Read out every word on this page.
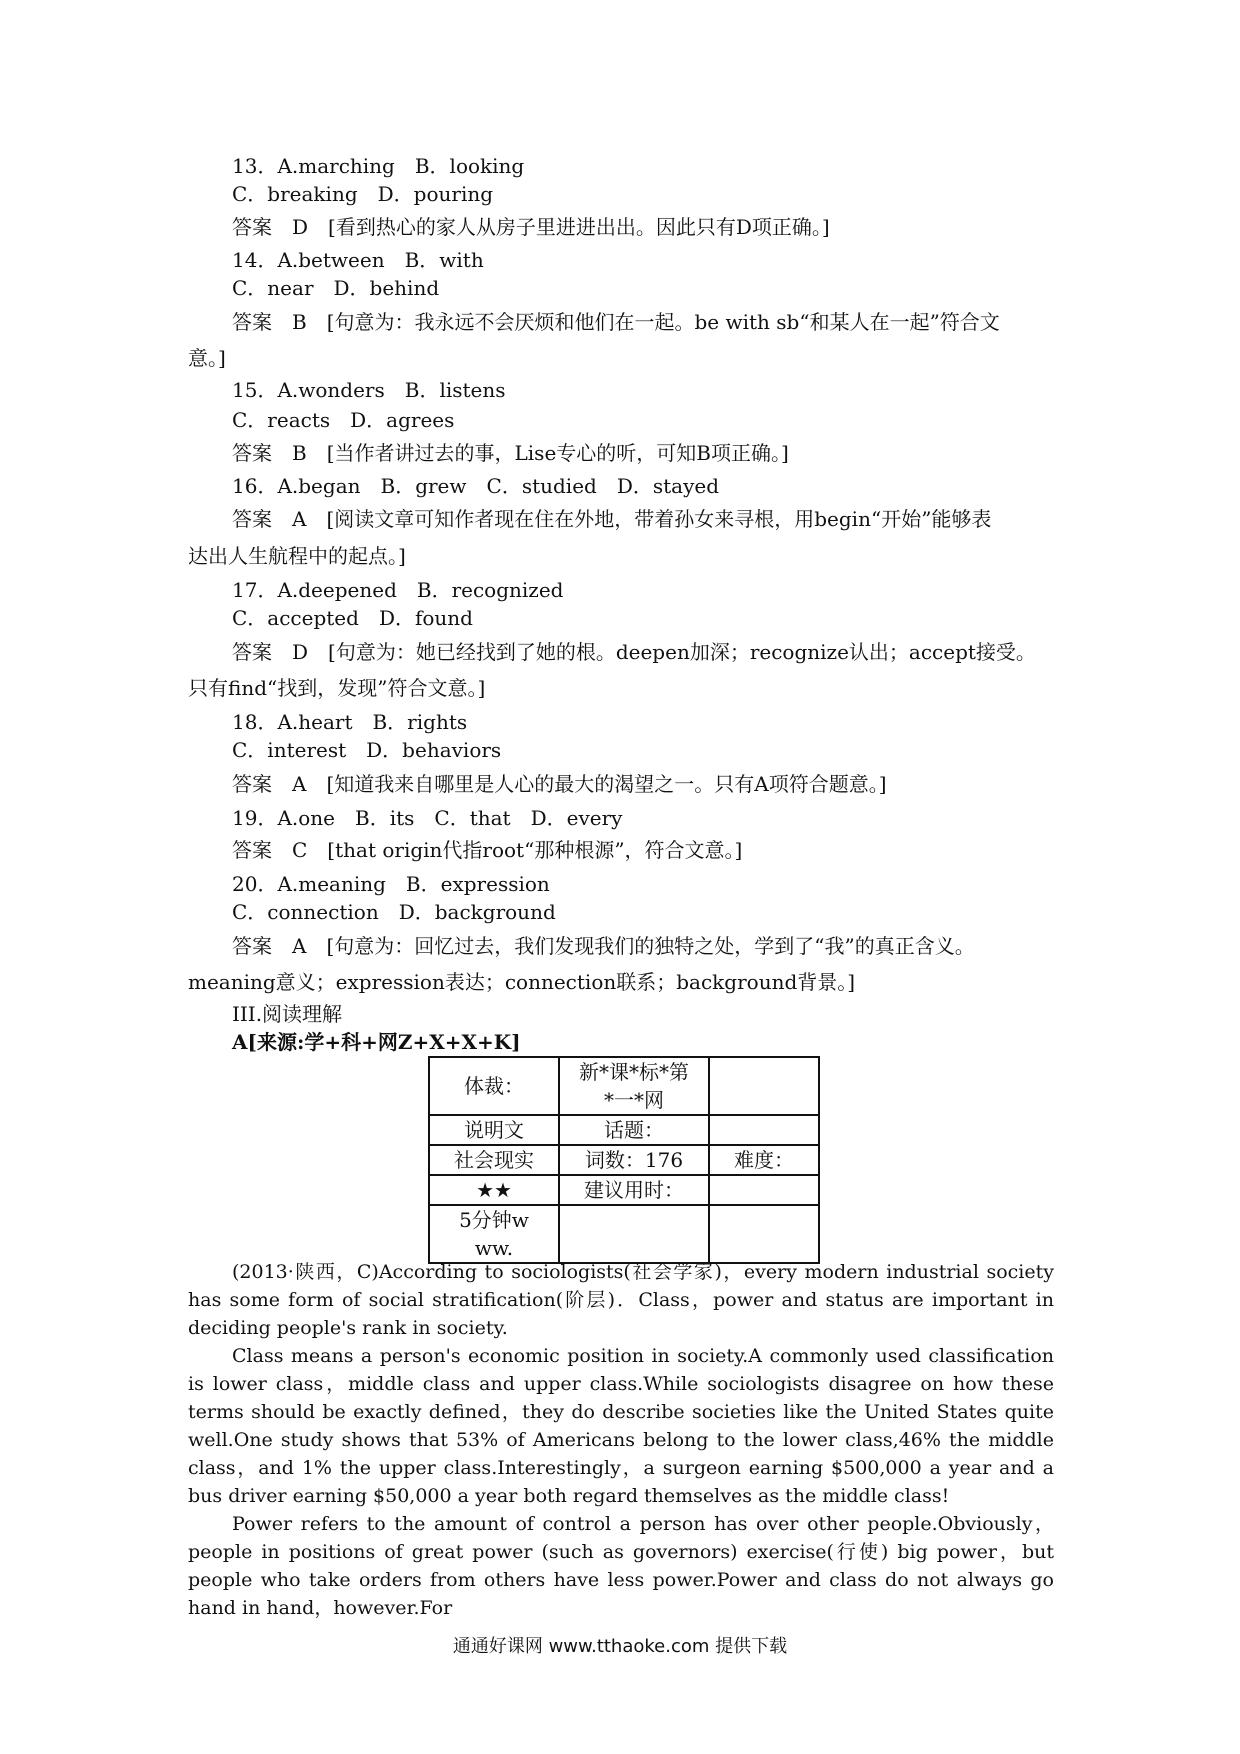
13．A.marching　B．looking
C．breaking　D．pouring
答案　D　[看到热心的家人从房子里进进出出。因此只有D项正确。]
14．A.between　B．with
C．near　D．behind
答案　B　[句意为：我永远不会厌烦和他们在一起。be with sb“和某人在一起”符合文
意。]
15．A.wonders　B．listens
C．reacts　D．agrees
答案　B　[当作者讲过去的事，Lise专心的听，可知B项正确。]
16．A.began　B．grew　C．studied　D．stayed
答案　A　[阅读文章可知作者现在住在外地，带着孙女来寻根，用begin“开始”能够表
达出人生航程中的起点。]
17．A.deepened　B．recognized
C．accepted　D．found
答案　D　[句意为：她已经找到了她的根。deepen加深；recognize认出；accept接受。
只有find“找到，发现”符合文意。]
18．A.heart　B．rights
C．interest　D．behaviors
答案　A　[知道我来自哪里是人心的最大的渴望之一。只有A项符合题意。]
19．A.one　B．its　C．that　D．every
答案　C　[that origin代指root“那种根源”，符合文意。]
20．A.meaning　B．expression
C．connection　D．background
答案　A　[句意为：回忆过去，我们发现我们的独特之处，学到了“我”的真正含义。
meaning意义；expression表达；connection联系；background背景。]
III.阅读理解
A[来源:学+科+网Z+X+X+K]
体裁：	新*课*标*第
*一*网	
说明文	话题：	
社会现实	词数：176	难度：
★★	建议用时：	
5分钟w
ww.		
(2013·陕西，C)According to sociologists(社会学家)，every modern industrial society has some form of social stratification(阶层)．Class，power and status are important in deciding people's rank in society.
Class means a person's economic position in society.A commonly used classification is lower class，middle class and upper class.While sociologists disagree on how these terms should be exactly defined，they do describe societies like the United States quite well.One study shows that 53% of Americans belong to the lower class,46% the middle class，and 1% the upper class.Interestingly，a surgeon earning $500,000 a year and a bus driver earning $50,000 a year both regard themselves as the middle class!
Power refers to the amount of control a person has over other people.Obviously，people in positions of great power (such as governors) exercise(行使) big power，but people who take orders from others have less power.Power and class do not always go hand in hand，however.For
通通好课网 www.tthaoke.com 提供下载
